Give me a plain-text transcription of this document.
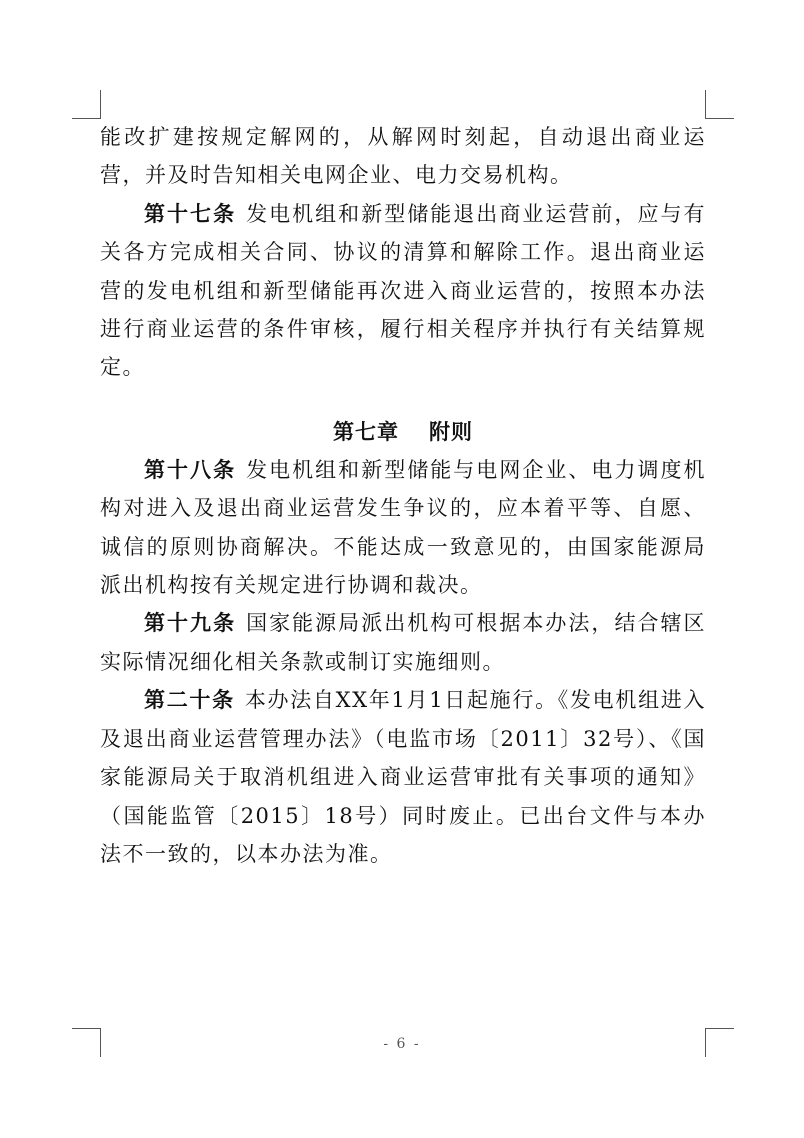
能改扩建按规定解网的，从解网时刻起，自动退出商业运营，并及时告知相关电网企业、电力交易机构。

第十七条 发电机组和新型储能退出商业运营前，应与有关各方完成相关合同、协议的清算和解除工作。退出商业运营的发电机组和新型储能再次进入商业运营的，按照本办法进行商业运营的条件审核，履行相关程序并执行有关结算规定。

第七章 附则

第十八条 发电机组和新型储能与电网企业、电力调度机构对进入及退出商业运营发生争议的，应本着平等、自愿、诚信的原则协商解决。不能达成一致意见的，由国家能源局派出机构按有关规定进行协调和裁决。

第十九条 国家能源局派出机构可根据本办法，结合辖区实际情况细化相关条款或制订实施细则。

第二十条 本办法自XX年1月1日起施行。《发电机组进入及退出商业运营管理办法》（电监市场〔2011〕32号）、《国家能源局关于取消机组进入商业运营审批有关事项的通知》（国能监管〔2015〕18号）同时废止。已出台文件与本办法不一致的，以本办法为准。

- 6 -
